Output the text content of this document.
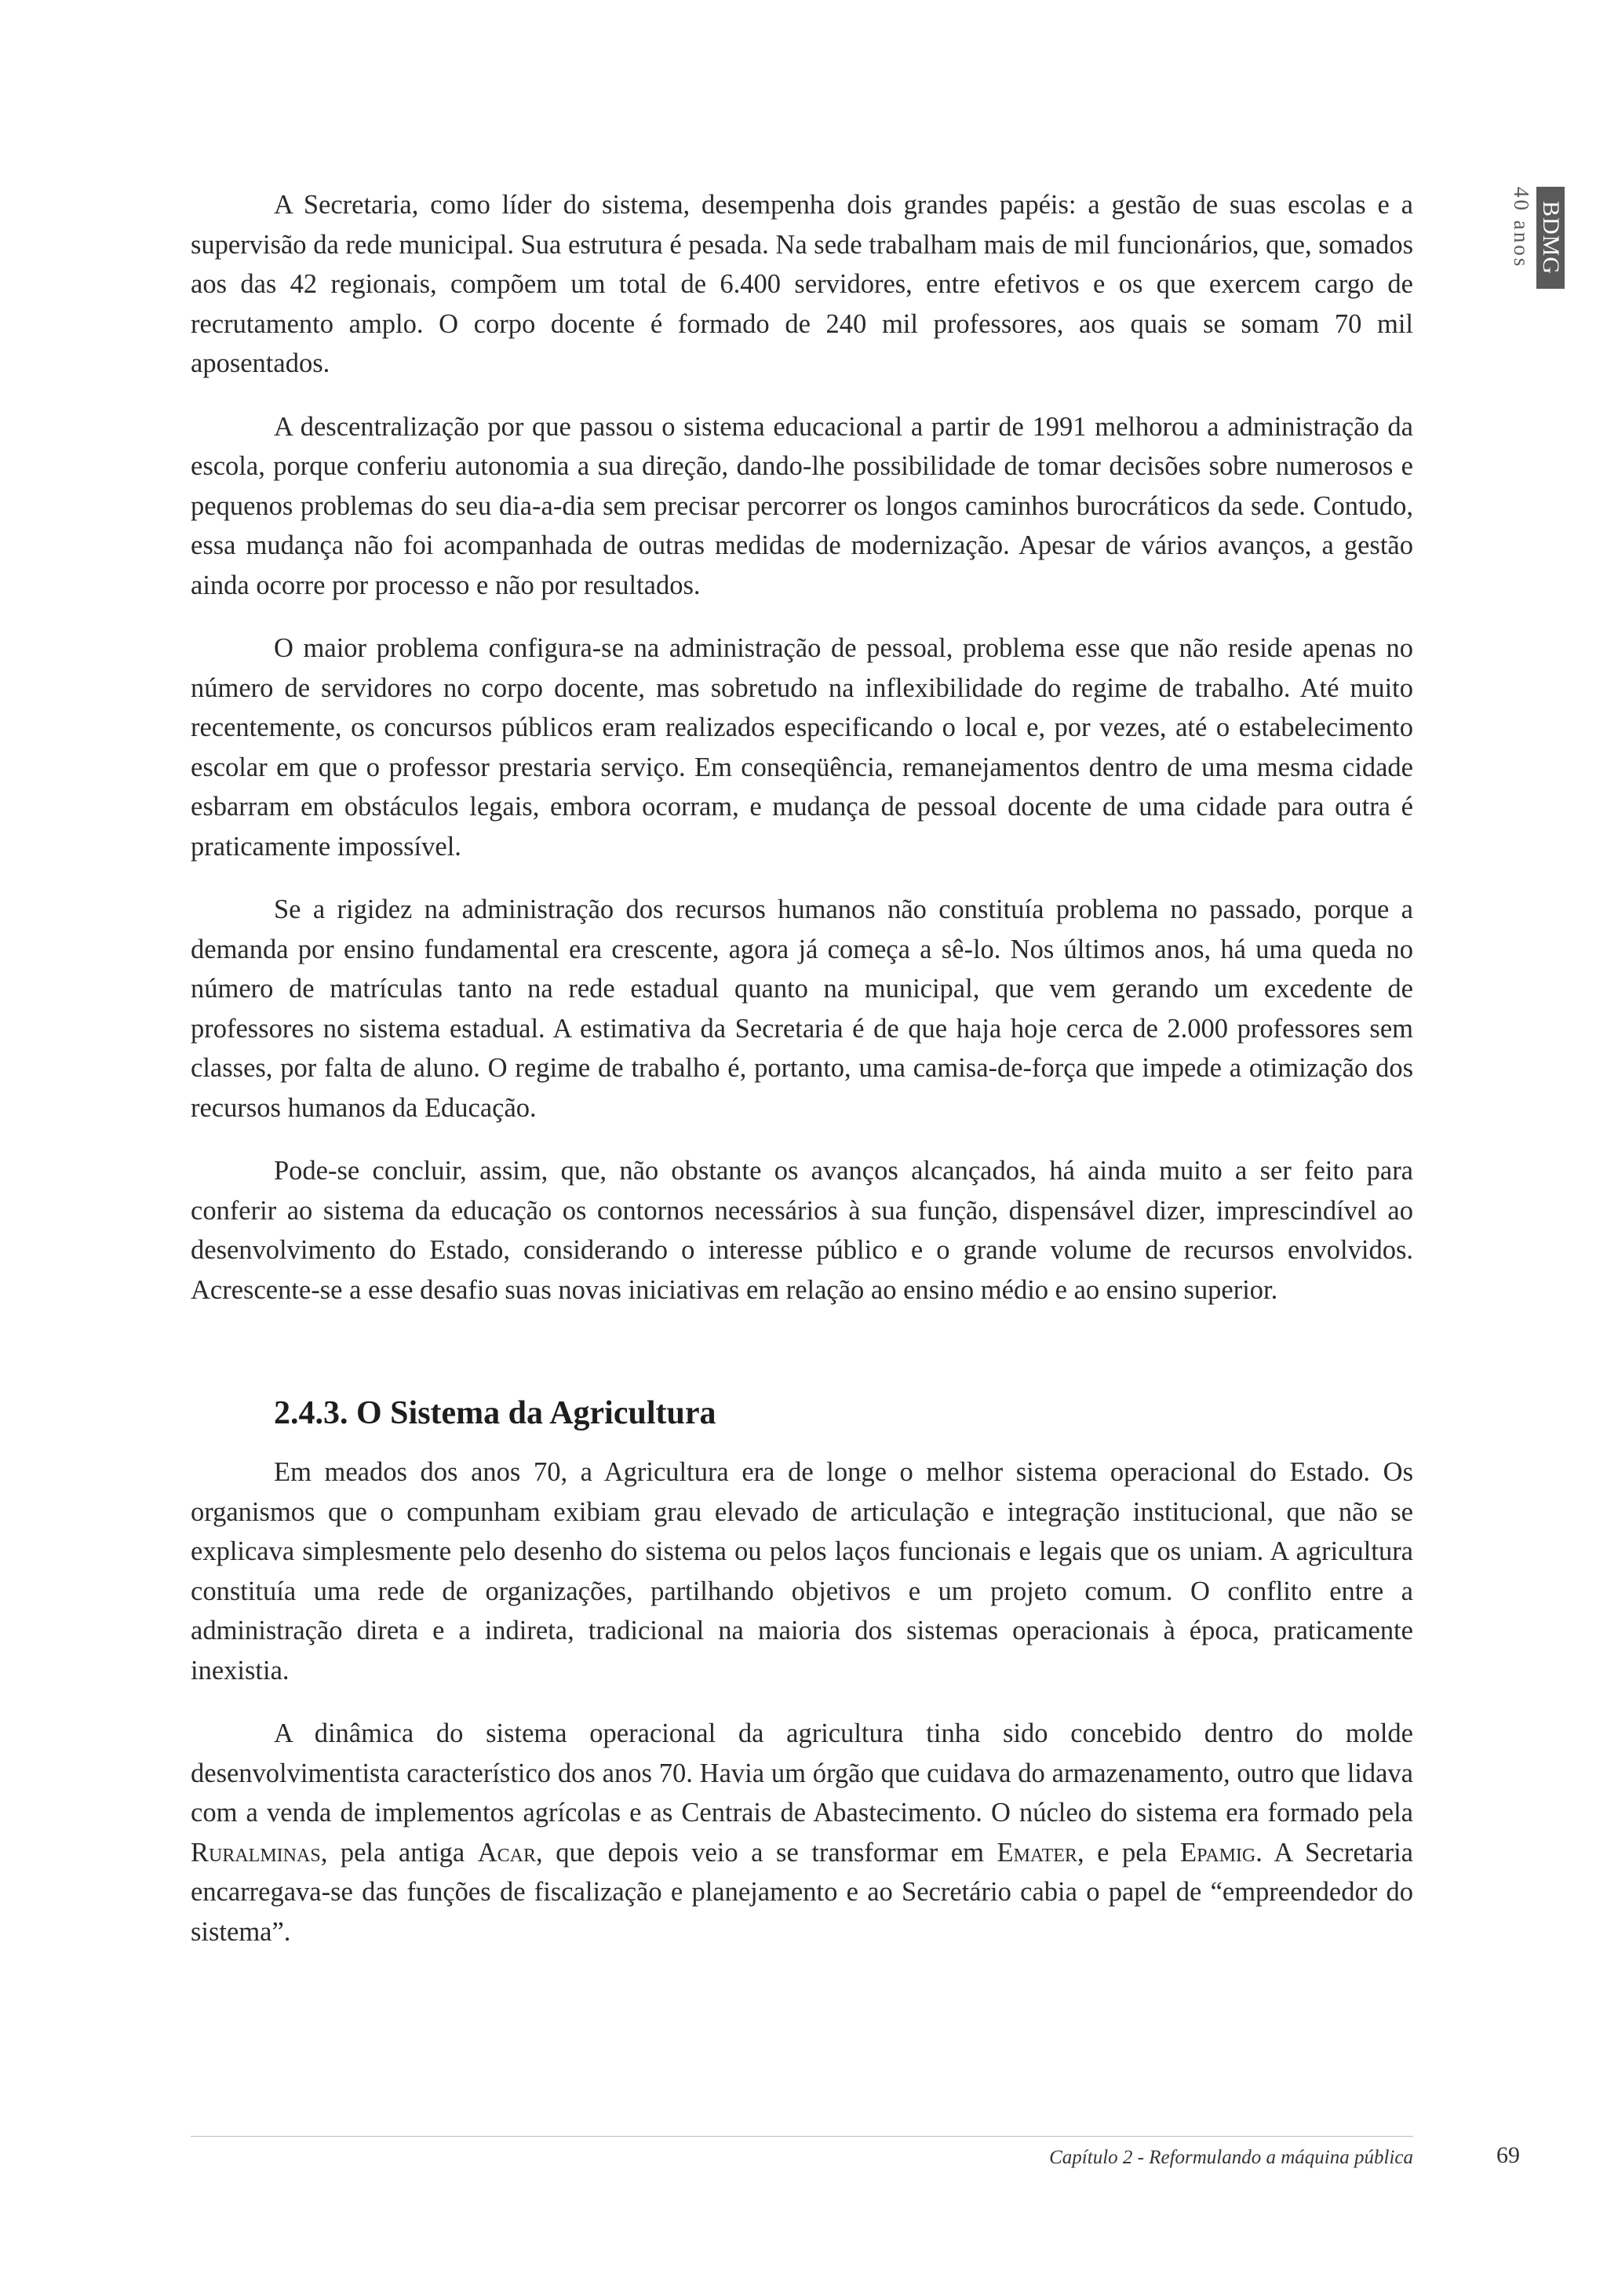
40 anos BDMG

A Secretaria, como líder do sistema, desempenha dois grandes papéis: a gestão de suas escolas e a supervisão da rede municipal. Sua estrutura é pesada. Na sede trabalham mais de mil funcionários, que, somados aos das 42 regionais, compõem um total de 6.400 servidores, entre efetivos e os que exercem cargo de recrutamento amplo. O corpo docente é formado de 240 mil professores, aos quais se somam 70 mil aposentados.

A descentralização por que passou o sistema educacional a partir de 1991 melhorou a administração da escola, porque conferiu autonomia a sua direção, dando-lhe possibilidade de tomar decisões sobre numerosos e pequenos problemas do seu dia-a-dia sem precisar percorrer os longos caminhos burocráticos da sede. Contudo, essa mudança não foi acompanhada de outras medidas de modernização. Apesar de vários avanços, a gestão ainda ocorre por processo e não por resultados.

O maior problema configura-se na administração de pessoal, problema esse que não reside apenas no número de servidores no corpo docente, mas sobretudo na inflexibilidade do regime de trabalho. Até muito recentemente, os concursos públicos eram realizados especificando o local e, por vezes, até o estabelecimento escolar em que o professor prestaria serviço. Em conseqüência, remanejamentos dentro de uma mesma cidade esbarram em obstáculos legais, embora ocorram, e mudança de pessoal docente de uma cidade para outra é praticamente impossível.

Se a rigidez na administração dos recursos humanos não constituía problema no passado, porque a demanda por ensino fundamental era crescente, agora já começa a sê-lo. Nos últimos anos, há uma queda no número de matrículas tanto na rede estadual quanto na municipal, que vem gerando um excedente de professores no sistema estadual. A estimativa da Secretaria é de que haja hoje cerca de 2.000 professores sem classes, por falta de aluno. O regime de trabalho é, portanto, uma camisa-de-força que impede a otimização dos recursos humanos da Educação.

Pode-se concluir, assim, que, não obstante os avanços alcançados, há ainda muito a ser feito para conferir ao sistema da educação os contornos necessários à sua função, dispensável dizer, imprescindível ao desenvolvimento do Estado, considerando o interesse público e o grande volume de recursos envolvidos. Acrescente-se a esse desafio suas novas iniciativas em relação ao ensino médio e ao ensino superior.

2.4.3. O Sistema da Agricultura

Em meados dos anos 70, a Agricultura era de longe o melhor sistema operacional do Estado. Os organismos que o compunham exibiam grau elevado de articulação e integração institucional, que não se explicava simplesmente pelo desenho do sistema ou pelos laços funcionais e legais que os uniam. A agricultura constituía uma rede de organizações, partilhando objetivos e um projeto comum. O conflito entre a administração direta e a indireta, tradicional na maioria dos sistemas operacionais à época, praticamente inexistia.

A dinâmica do sistema operacional da agricultura tinha sido concebido dentro do molde desenvolvimentista característico dos anos 70. Havia um órgão que cuidava do armazenamento, outro que lidava com a venda de implementos agrícolas e as Centrais de Abastecimento. O núcleo do sistema era formado pela Ruralminas, pela antiga Acar, que depois veio a se transformar em Emater, e pela Epamig. A Secretaria encarregava-se das funções de fiscalização e planejamento e ao Secretário cabia o papel de “empreendedor do sistema”.

Capítulo 2 - Reformulando a máquina pública	69
